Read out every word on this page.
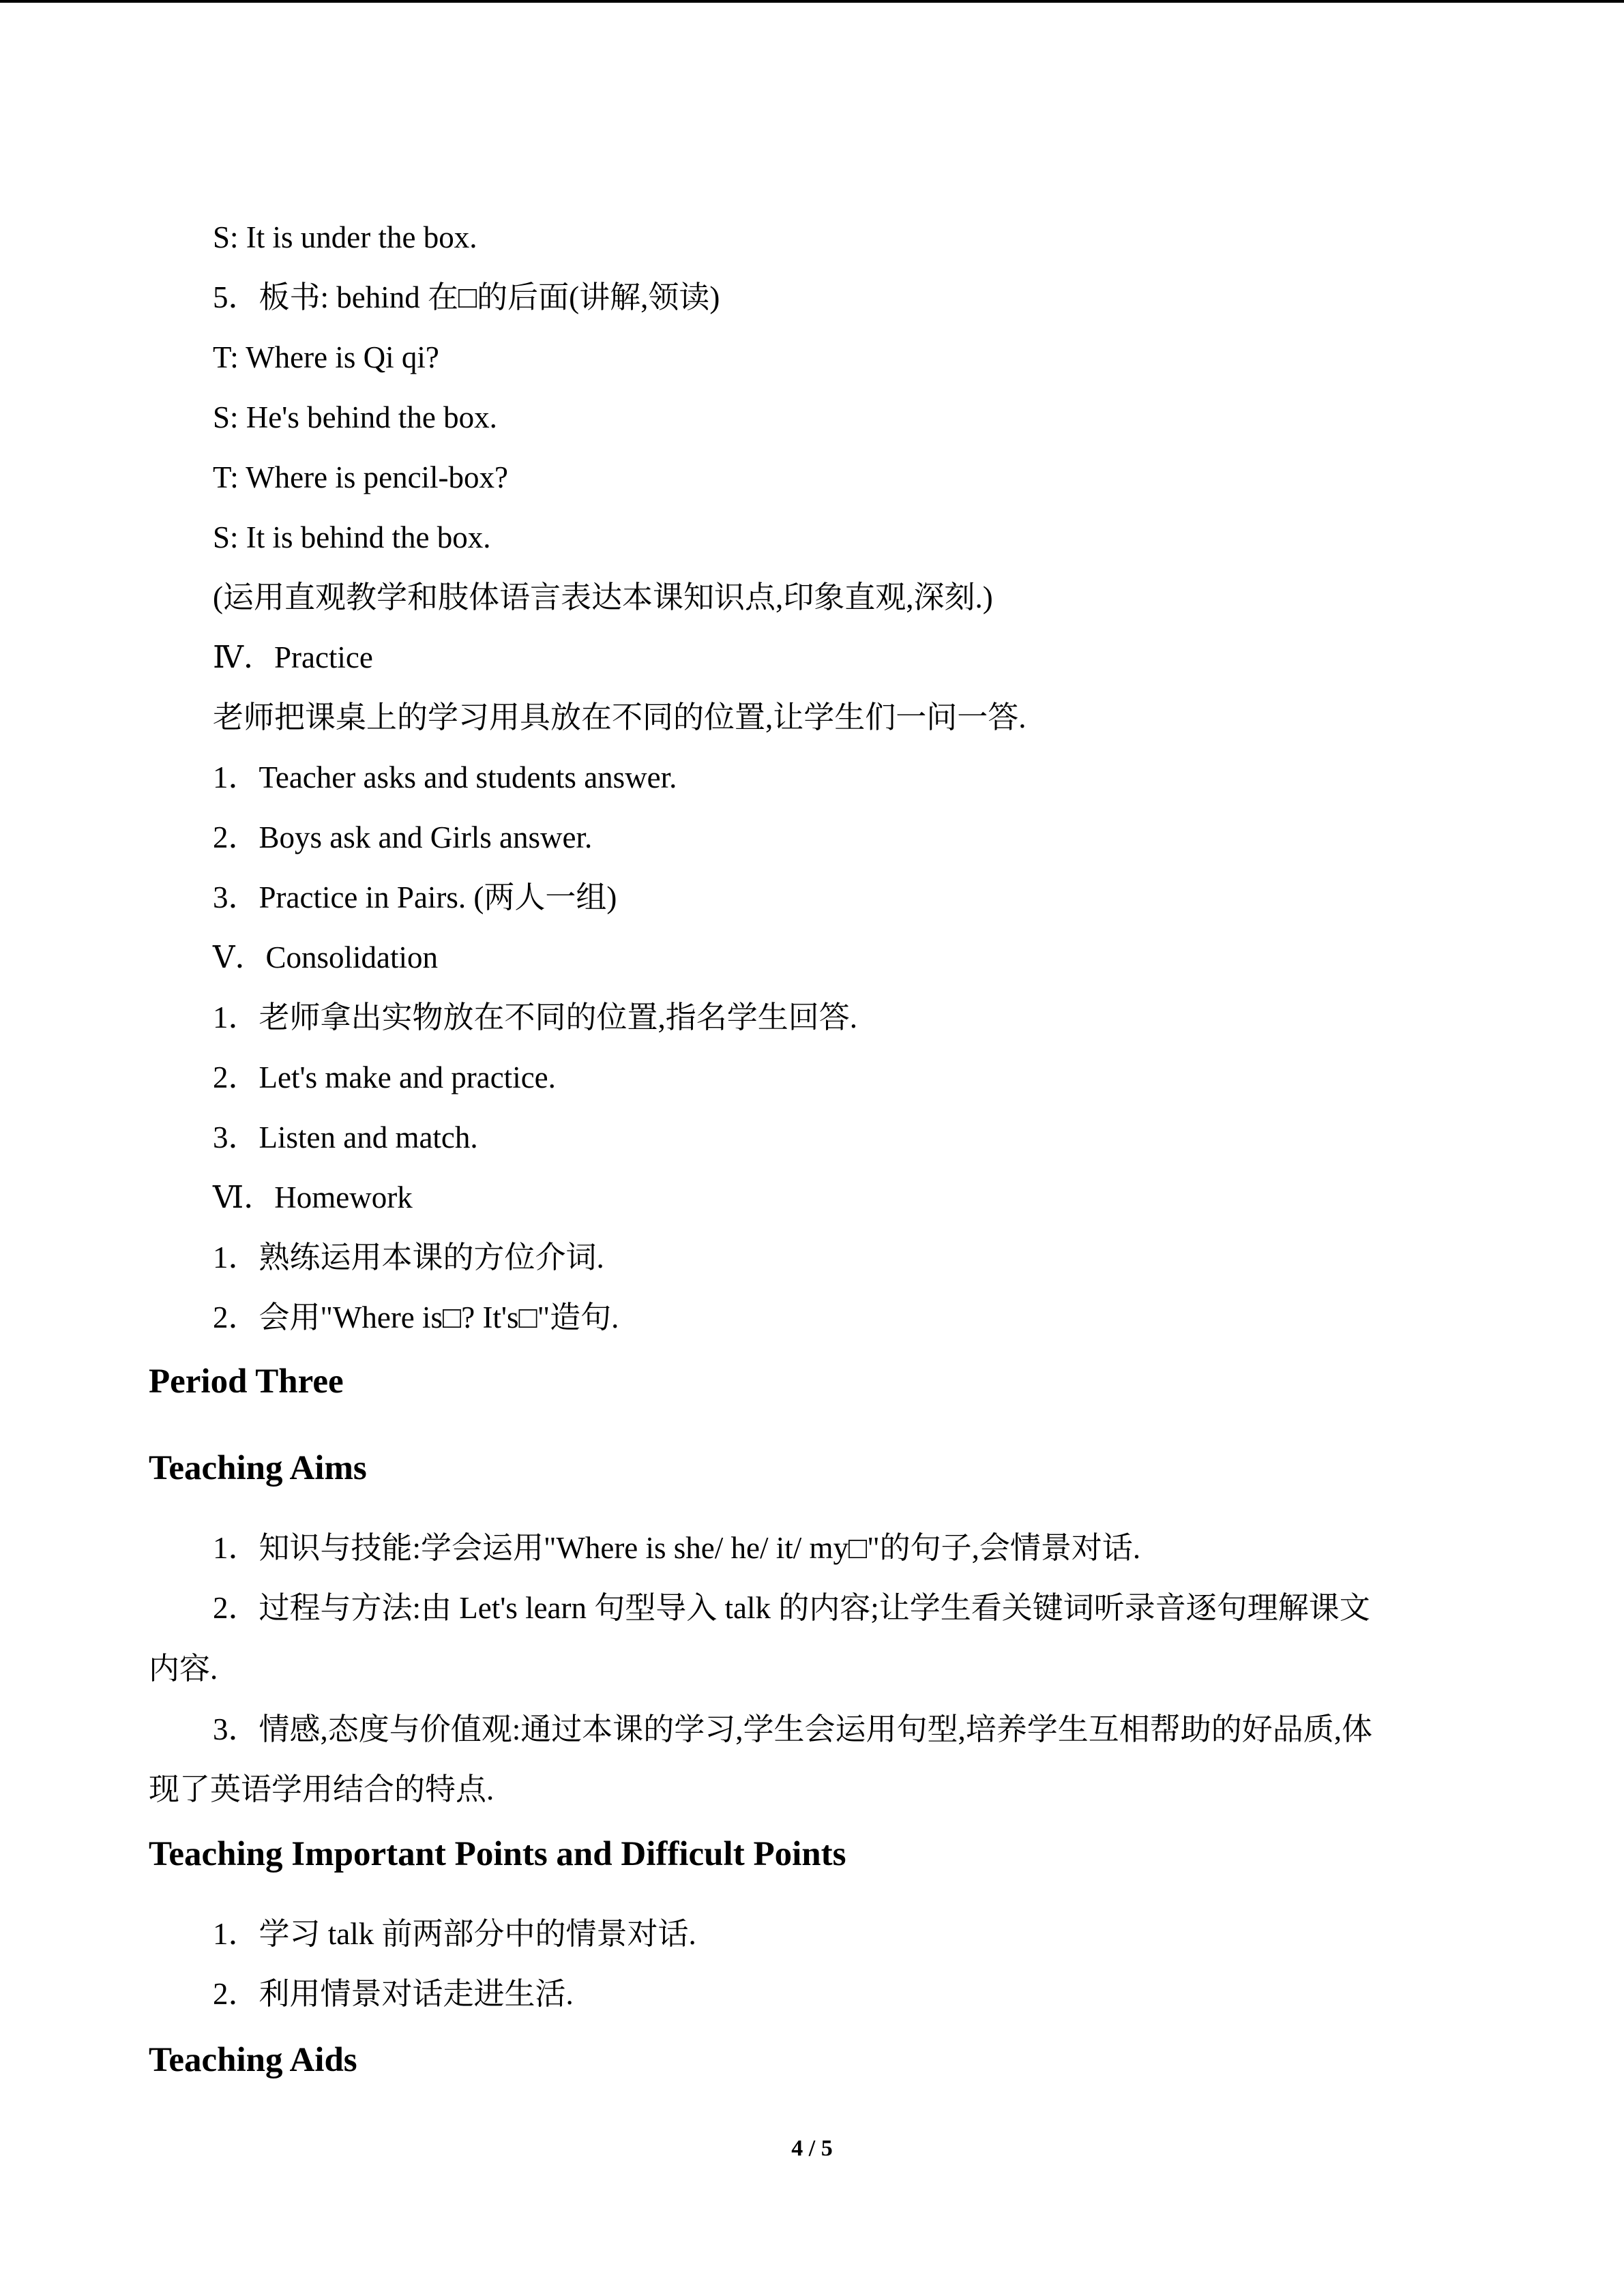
S: It is under the box.
5．板书: behind 在□的后面(讲解,领读)
T: Where is Qi qi?
S: He's behind the box.
T: Where is pencil-box?
S: It is behind the box.
(运用直观教学和肢体语言表达本课知识点,印象直观,深刻.)
Ⅳ．Practice
老师把课桌上的学习用具放在不同的位置,让学生们一问一答.
1．Teacher asks and students answer.
2．Boys ask and Girls answer.
3．Practice in Pairs. (两人一组)
Ⅴ．Consolidation
1．老师拿出实物放在不同的位置,指名学生回答.
2．Let's make and practice.
3．Listen and match.
Ⅵ．Homework
1．熟练运用本课的方位介词.
2．会用"Where is□? It's□"造句.
Period Three
Teaching Aims
1．知识与技能:学会运用"Where is she/ he/ it/ my□"的句子,会情景对话.
2．过程与方法:由 Let's learn 句型导入 talk 的内容;让学生看关键词听录音逐句理解课文
内容.
3．情感,态度与价值观:通过本课的学习,学生会运用句型,培养学生互相帮助的好品质,体
现了英语学用结合的特点.
Teaching Important Points and Difficult Points
1．学习 talk 前两部分中的情景对话.
2．利用情景对话走进生活.
Teaching Aids
4 / 5
